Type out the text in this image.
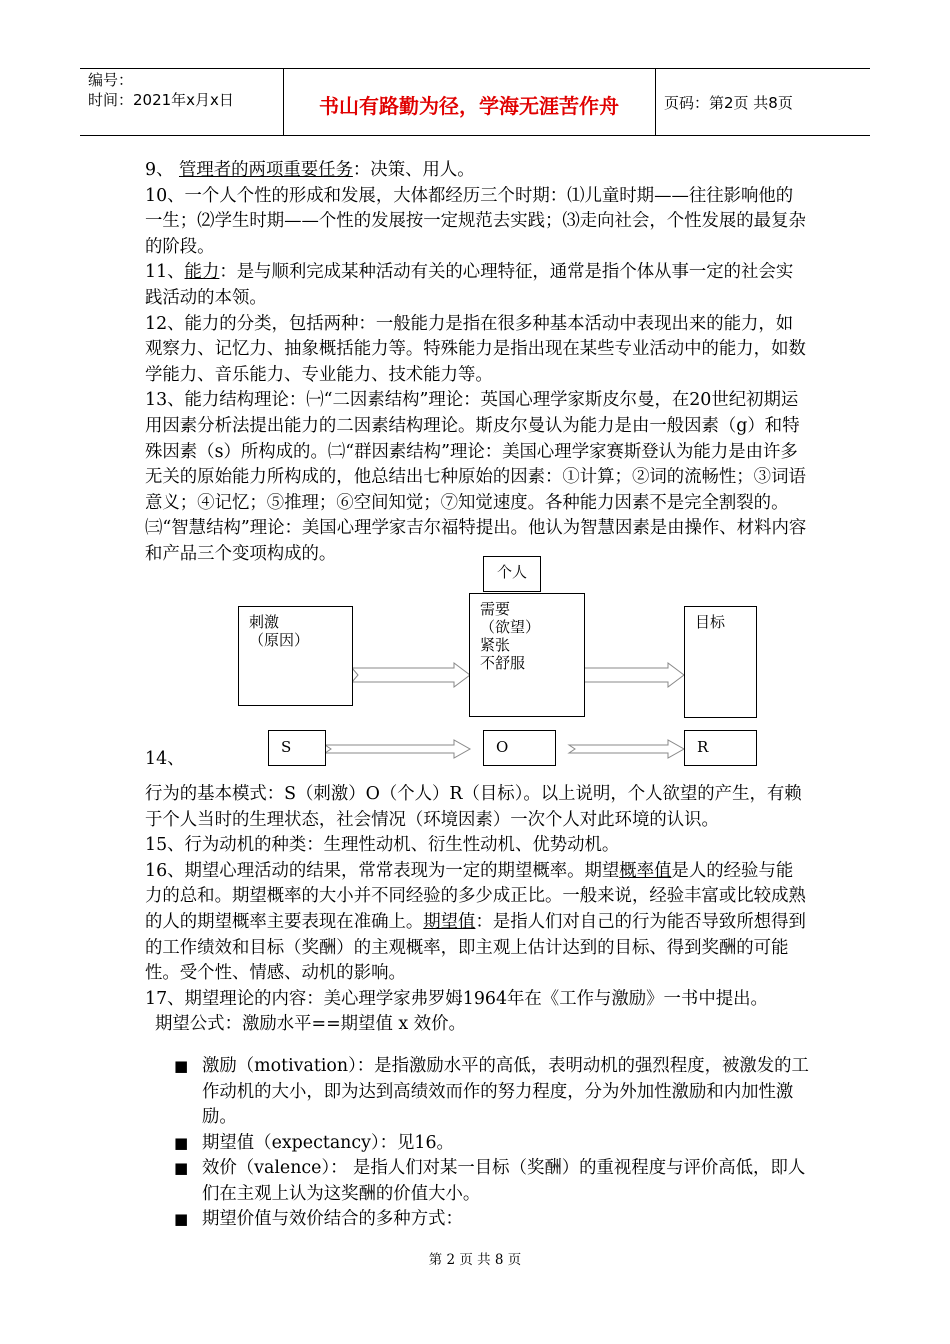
编号：
时间：2021年x月x日	书山有路勤为径，学海无涯苦作舟	页码：第2页 共8页

9、 管理者的两项重要任务：决策、用人。

10、一个人个性的形成和发展，大体都经历三个时期：⑴儿童时期——往往影响他的一生；⑵学生时期——个性的发展按一定规范去实践；⑶走向社会，个性发展的最复杂的阶段。

11、能力：是与顺利完成某种活动有关的心理特征，通常是指个体从事一定的社会实践活动的本领。

12、能力的分类，包括两种：一般能力是指在很多种基本活动中表现出来的能力，如观察力、记忆力、抽象概括能力等。特殊能力是指出现在某些专业活动中的能力，如数学能力、音乐能力、专业能力、技术能力等。

13、能力结构理论：㈠“二因素结构”理论：英国心理学家斯皮尔曼，在20世纪初期运用因素分析法提出能力的二因素结构理论。斯皮尔曼认为能力是由一般因素（g）和特殊因素（s）所构成的。㈡“群因素结构”理论：美国心理学家赛斯登认为能力是由许多无关的原始能力所构成的，他总结出七种原始的因素：①计算；②词的流畅性；③词语意义；④记忆；⑤推理；⑥空间知觉；⑦知觉速度。各种能力因素不是完全割裂的。㈢“智慧结构”理论：美国心理学家吉尔福特提出。他认为智慧因素是由操作、材料内容和产品三个变项构成的。

个人
刺激
（原因）
需要
（欲望）
紧张
不舒服
目标
S	O	R
14、

行为的基本模式：S（刺激）O（个人）R（目标）。以上说明，个人欲望的产生，有赖于个人当时的生理状态，社会情况（环境因素）一次个人对此环境的认识。

15、行为动机的种类：生理性动机、衍生性动机、优势动机。

16、期望心理活动的结果，常常表现为一定的期望概率。期望概率值是人的经验与能力的总和。期望概率的大小并不同经验的多少成正比。一般来说，经验丰富或比较成熟的人的期望概率主要表现在准确上。期望值：是指人们对自己的行为能否导致所想得到的工作绩效和目标（奖酬）的主观概率，即主观上估计达到的目标、得到奖酬的可能性。受个性、情感、动机的影响。

17、期望理论的内容：美心理学家弗罗姆1964年在《工作与激励》一书中提出。

期望公式：激励水平==期望值 x 效价。

■ 激励（motivation）：是指激励水平的高低，表明动机的强烈程度，被激发的工作动机的大小，即为达到高绩效而作的努力程度，分为外加性激励和内加性激励。
■ 期望值（expectancy）：见16。
■ 效价（valence）： 是指人们对某一目标（奖酬）的重视程度与评价高低，即人们在主观上认为这奖酬的价值大小。
■ 期望价值与效价结合的多种方式：
第 2 页 共 8 页
